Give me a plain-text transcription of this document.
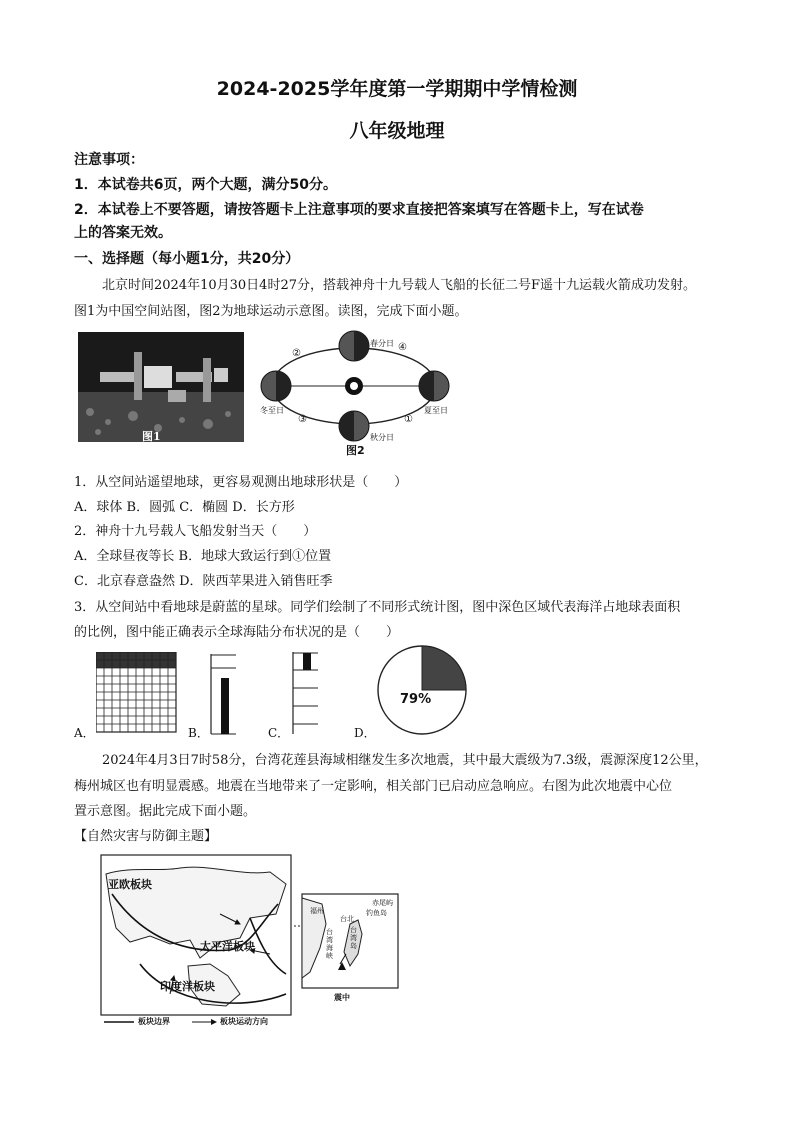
2024-2025学年度第一学期期中学情检测
八年级地理
注意事项：
1．本试卷共6页，两个大题，满分50分。
2．本试卷上不要答题，请按答题卡上注意事项的要求直接把答案填写在答题卡上，写在试卷
上的答案无效。
一、选择题（每小题1分，共20分）
北京时间2024年10月30日4时27分，搭载神舟十九号载人飞船的长征二号F遥十九运载火箭成功发射。
图1为中国空间站图，图2为地球运动示意图。读图，完成下面小题。
图1
春分日
冬至日	夏至日
秋分日
④
②
③	①
图2
1．从空间站遥望地球，更容易观测出地球形状是（　　）
A．球体 B．圆弧 C．椭圆 D．长方形
2．神舟十九号载人飞船发射当天（　　）
A．全球昼夜等长 B．地球大致运行到①位置
C．北京春意盎然 D．陕西苹果进入销售旺季
3．从空间站中看地球是蔚蓝的星球。同学们绘制了不同形式统计图，图中深色区域代表海洋占地球表面积
的比例，图中能正确表示全球海陆分布状况的是（　　）
A．	B．	C．
79%
D．
2024年4月3日7时58分，台湾花莲县海域相继发生多次地震，其中最大震级为7.3级，震源深度12公里，
梅州城区也有明显震感。地震在当地带来了一定影响，相关部门已启动应急响应。右图为此次地震中心位
置示意图。据此完成下面小题。
【自然灾害与防御主题】
亚欧板块
太平洋板块
印度洋板块
板块边界	板块运动方向
福州	钓鱼岛
赤尾屿
台北
台湾岛
台湾海峡
震中
